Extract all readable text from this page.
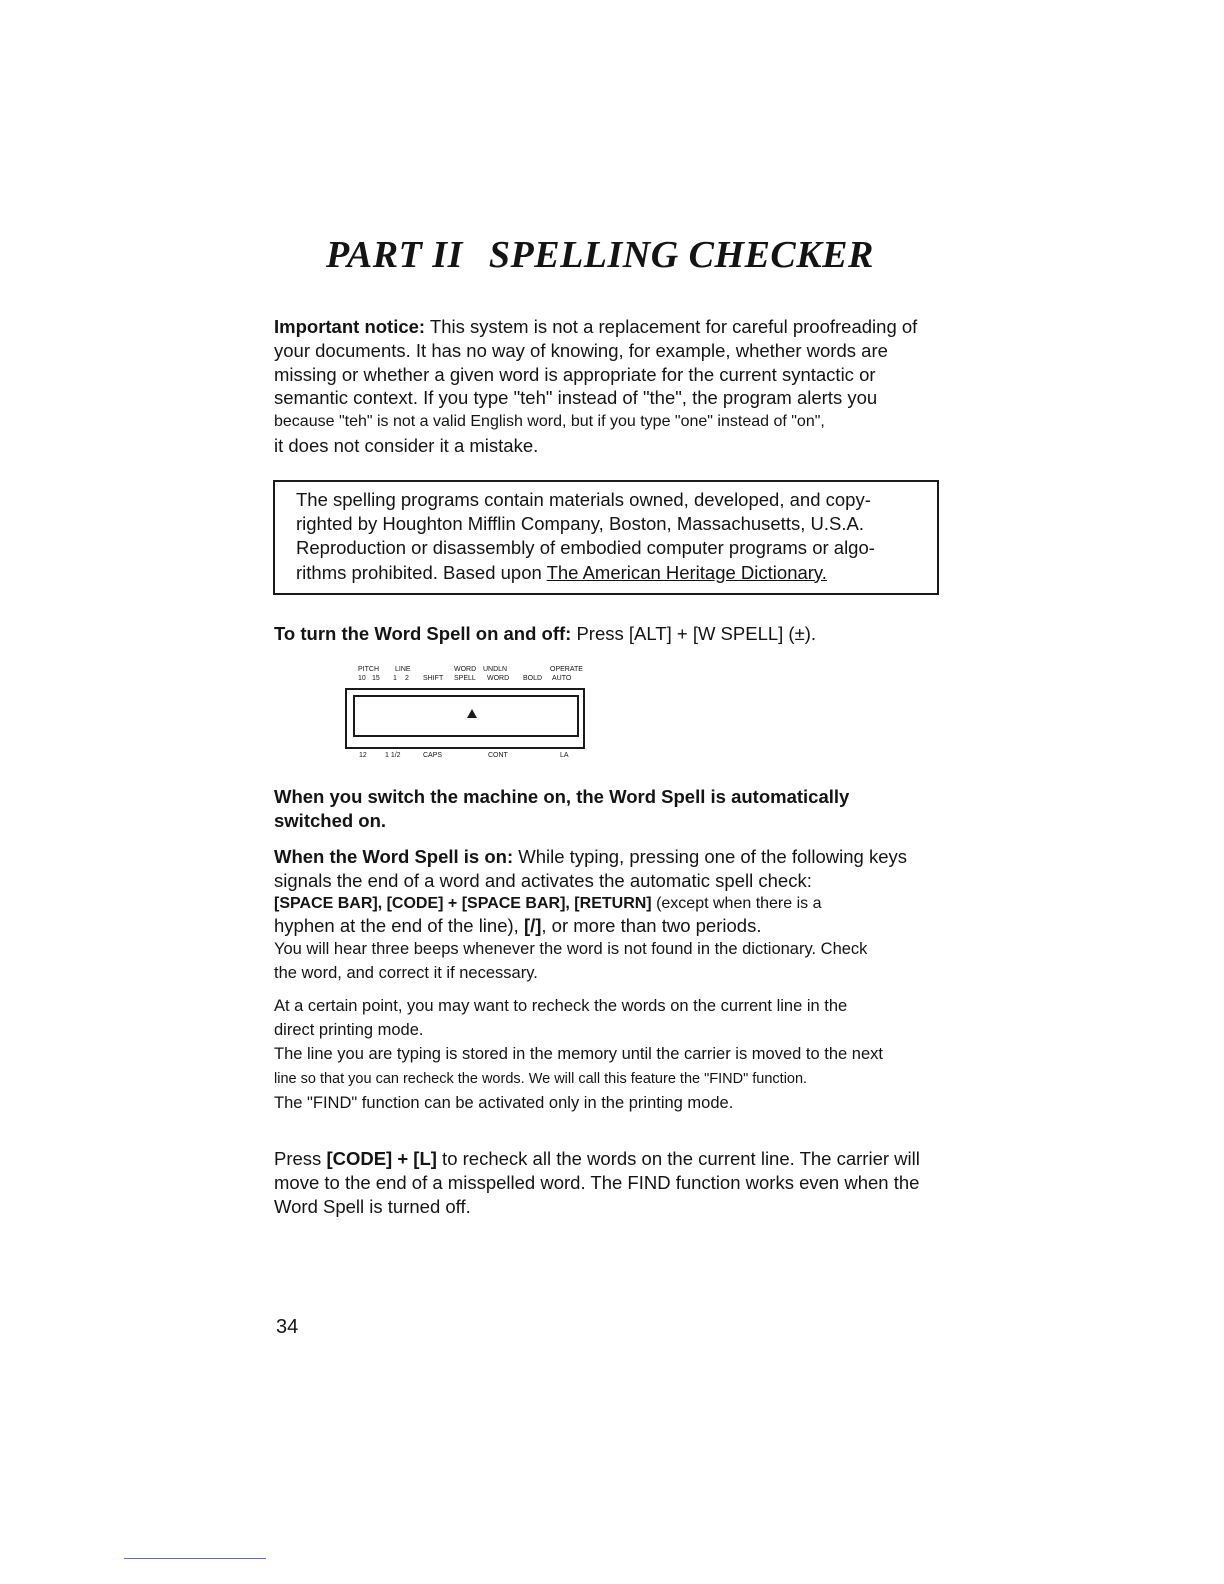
PART II SPELLING CHECKER
Important notice: This system is not a replacement for careful proofreading of
your documents. It has no way of knowing, for example, whether words are
missing or whether a given word is appropriate for the current syntactic or
semantic context. If you type "teh" instead of "the", the program alerts you
because "teh" is not a valid English word, but if you type "one" instead of "on",
it does not consider it a mistake.

The spelling programs contain materials owned, developed, and copy-
righted by Houghton Mifflin Company, Boston, Massachusetts, U.S.A.
Reproduction or disassembly of embodied computer programs or algo-
rithms prohibited. Based upon The American Heritage Dictionary.

To turn the Word Spell on and off: Press [ALT] + [W SPELL] (±).

PITCH LINE	WORD UNDLN	OPERATE
10 15 1 2 SHIFT SPELL WORD BOLD AUTO
12	1 1/2	CAPS	CONT	LA
When you switch the machine on, the Word Spell is automatically
switched on.
When the Word Spell is on: While typing, pressing one of the following keys
signals the end of a word and activates the automatic spell check:
[SPACE BAR], [CODE] + [SPACE BAR], [RETURN] (except when there is a
hyphen at the end of the line), [/], or more than two periods.
You will hear three beeps whenever the word is not found in the dictionary. Check
the word, and correct it if necessary.
At a certain point, you may want to recheck the words on the current line in the
direct printing mode.
The line you are typing is stored in the memory until the carrier is moved to the next
line so that you can recheck the words. We will call this feature the "FIND" function.
The "FIND" function can be activated only in the printing mode.
Press [CODE] + [L] to recheck all the words on the current line. The carrier will
move to the end of a misspelled word. The FIND function works even when the
Word Spell is turned off.

34
